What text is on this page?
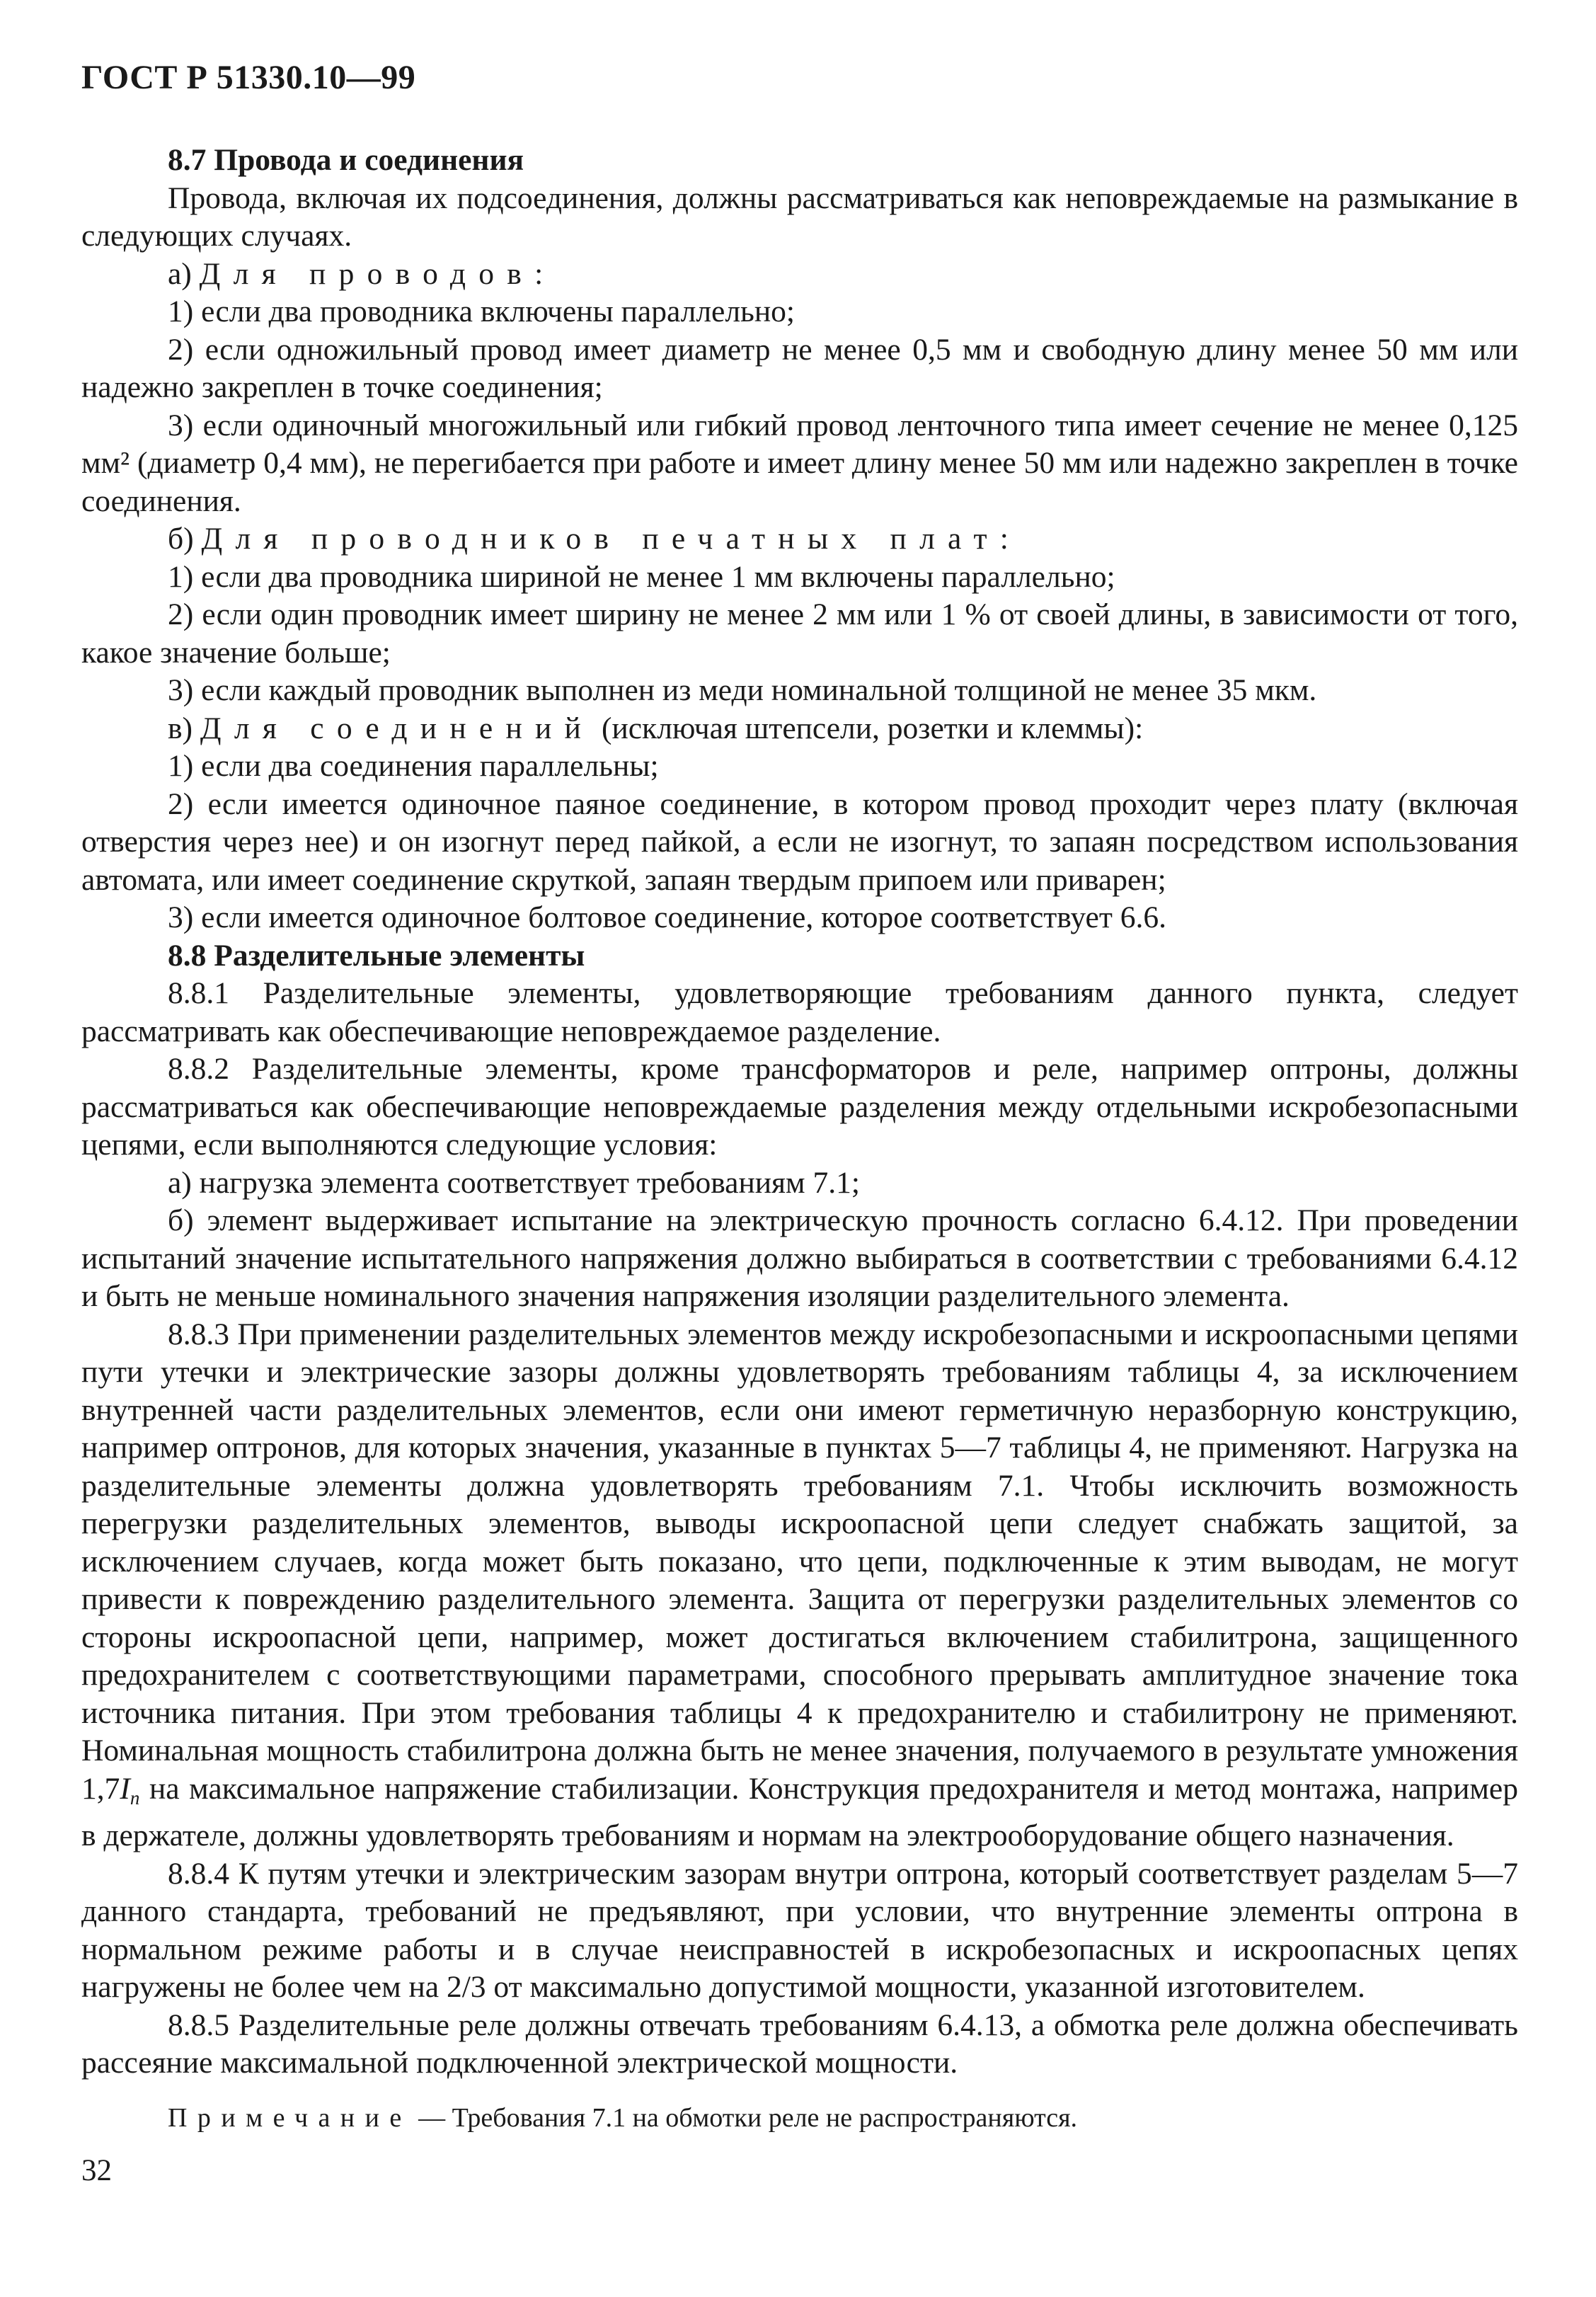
ГОСТ Р 51330.10—99

8.7 Провода и соединения

Провода, включая их подсоединения, должны рассматриваться как неповреждаемые на размыкание в следующих случаях.

а) Для проводов:

1) если два проводника включены параллельно;

2) если одножильный провод имеет диаметр не менее 0,5 мм и свободную длину менее 50 мм или надежно закреплен в точке соединения;

3) если одиночный многожильный или гибкий провод ленточного типа имеет сечение не менее 0,125 мм² (диаметр 0,4 мм), не перегибается при работе и имеет длину менее 50 мм или надежно закреплен в точке соединения.

б) Для проводников печатных плат:

1) если два проводника шириной не менее 1 мм включены параллельно;

2) если один проводник имеет ширину не менее 2 мм или 1 % от своей длины, в зависимости от того, какое значение больше;

3) если каждый проводник выполнен из меди номинальной толщиной не менее 35 мкм.

в) Для соединений (исключая штепсели, розетки и клеммы):

1) если два соединения параллельны;

2) если имеется одиночное паяное соединение, в котором провод проходит через плату (включая отверстия через нее) и он изогнут перед пайкой, а если не изогнут, то запаян посредством использования автомата, или имеет соединение скруткой, запаян твердым припоем или приварен;

3) если имеется одиночное болтовое соединение, которое соответствует 6.6.

8.8 Разделительные элементы

8.8.1 Разделительные элементы, удовлетворяющие требованиям данного пункта, следует рассматривать как обеспечивающие неповреждаемое разделение.

8.8.2 Разделительные элементы, кроме трансформаторов и реле, например оптроны, должны рассматриваться как обеспечивающие неповреждаемые разделения между отдельными искробезопасными цепями, если выполняются следующие условия:

а) нагрузка элемента соответствует требованиям 7.1;

б) элемент выдерживает испытание на электрическую прочность согласно 6.4.12. При проведении испытаний значение испытательного напряжения должно выбираться в соответствии с требованиями 6.4.12 и быть не меньше номинального значения напряжения изоляции разделительного элемента.

8.8.3 При применении разделительных элементов между искробезопасными и искроопасными цепями пути утечки и электрические зазоры должны удовлетворять требованиям таблицы 4, за исключением внутренней части разделительных элементов, если они имеют герметичную неразборную конструкцию, например оптронов, для которых значения, указанные в пунктах 5—7 таблицы 4, не применяют. Нагрузка на разделительные элементы должна удовлетворять требованиям 7.1. Чтобы исключить возможность перегрузки разделительных элементов, выводы искроопасной цепи следует снабжать защитой, за исключением случаев, когда может быть показано, что цепи, подключенные к этим выводам, не могут привести к повреждению разделительного элемента. Защита от перегрузки разделительных элементов со стороны искроопасной цепи, например, может достигаться включением стабилитрона, защищенного предохранителем с соответствующими параметрами, способного прерывать амплитудное значение тока источника питания. При этом требования таблицы 4 к предохранителю и стабилитрону не применяют. Номинальная мощность стабилитрона должна быть не менее значения, получаемого в результате умножения 1,7Iп на максимальное напряжение стабилизации. Конструкция предохранителя и метод монтажа, например в держателе, должны удовлетворять требованиям и нормам на электрооборудование общего назначения.

8.8.4 К путям утечки и электрическим зазорам внутри оптрона, который соответствует разделам 5—7 данного стандарта, требований не предъявляют, при условии, что внутренние элементы оптрона в нормальном режиме работы и в случае неисправностей в искробезопасных и искроопасных цепях нагружены не более чем на 2/3 от максимально допустимой мощности, указанной изготовителем.

8.8.5 Разделительные реле должны отвечать требованиям 6.4.13, а обмотка реле должна обеспечивать рассеяние максимальной подключенной электрической мощности.

Примечание — Требования 7.1 на обмотки реле не распространяются.

32
